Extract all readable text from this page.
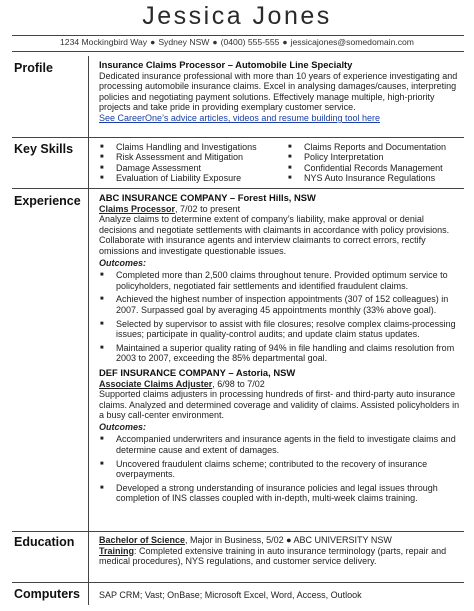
Jessica Jones
1234 Mockingbird Way ● Sydney NSW ● (0400) 555-555 ● jessicajones@somedomain.com
Profile	Insurance Claims Processor – Automobile Line Specialty
Dedicated insurance professional with more than 10 years of experience investigating and processing automobile insurance claims. Excel in analysing damages/causes, interpreting policies and negotiating payment solutions. Effectively manage multiple, high-priority projects and take pride in providing exemplary customer service.
See CareerOne’s advice articles, videos and resume building tool here
Key Skills
■	Claims Handling and Investigations
■ Risk Assessment and Mitigation
■ Damage Assessment
■ Evaluation of Liability Exposure
■ Claims Reports and Documentation
■ Policy Interpretation
■ Confidential Records Management
■ NYS Auto Insurance Regulations
Experience ABC INSURANCE COMPANY – Forest Hills, NSW
Claims Processor, 7/02 to present
Analyze claims to determine extent of company’s liability, make approval or denial decisions and negotiate settlements with claimants in accordance with policy provisions. Collaborate with insurance agents and interview claimants to correct errors, rectify omissions and investigate questionable issues.
Outcomes:
■ Completed more than 2,500 claims throughout tenure. Provided optimum service to policyholders, negotiated fair settlements and identified fraudulent claims.
■ Achieved the highest number of inspection appointments (307 of 152 colleagues) in 2007. Surpassed goal by averaging 45 appointments monthly (33% above goal).
■ Selected by supervisor to assist with file closures; resolve complex claims-processing issues; participate in quality-control audits; and update claim status updates.
■ Maintained a superior quality rating of 94% in file handling and claims resolution from 2003 to 2007, exceeding the 85% departmental goal.
DEF INSURANCE COMPANY – Astoria, NSW
Associate Claims Adjuster, 6/98 to 7/02
Supported claims adjusters in processing hundreds of first- and third-party auto insurance claims. Analyzed and determined coverage and validity of claims. Assisted policyholders in a busy call-center environment.
Outcomes:
■ Accompanied underwriters and insurance agents in the field to investigate claims and determine cause and extent of damages.
■ Uncovered fraudulent claims scheme; contributed to the recovery of insurance overpayments.
■ Developed a strong understanding of insurance policies and legal issues through completion of INS classes coupled with in-depth, multi-week claims training.
Education	Bachelor of Science, Major in Business, 5/02 ● ABC UNIVERSITY NSW
Training: Completed extensive training in auto insurance terminology (parts, repair and medical procedures), NYS regulations, and customer service delivery.
Computers SAP CRM; Vast; OnBase; Microsoft Excel, Word, Access, Outlook
